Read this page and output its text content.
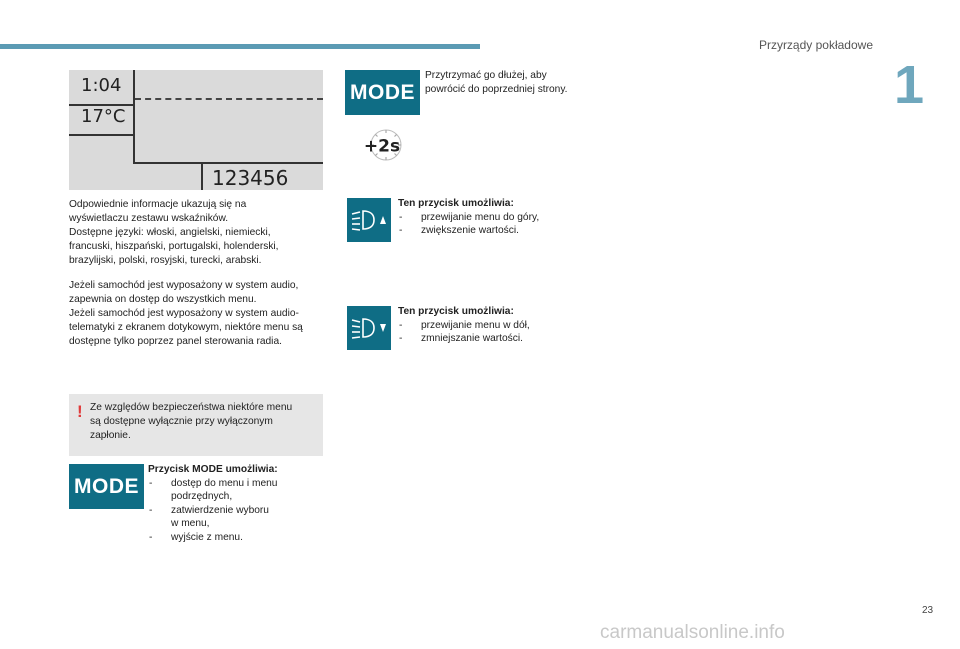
Przyrządy pokładowe
1
1:04
17°C
123456

Odpowiednie informacje ukazują się na

wyświetlaczu zestawu wskaźników.

Dostępne języki: włoski, angielski, niemiecki,

francuski, hiszpański, portugalski, holenderski,

brazylijski, polski, rosyjski, turecki, arabski.

Jeżeli samochód jest wyposażony w system audio,

zapewnia on dostęp do wszystkich menu.

Jeżeli samochód jest wyposażony w system audio-

telematyki z ekranem dotykowym, niektóre menu są

dostępne tylko poprzez panel sterowania radia.

! Ze względów bezpieczeństwa niektóre menu
są dostępne wyłącznie przy wyłączonym
zapłonie.
MODE
Przycisk MODE umożliwia:
- dostęp do menu i menu
podrzędnych,
- zatwierdzenie wyboru
w menu,
- wyjście z menu.
MODE

Przytrzymać go dłużej, aby

powrócić do poprzedniej strony.

+2s
Ten przycisk umożliwia:
- przewijanie menu do góry,
- zwiększenie wartości.
Ten przycisk umożliwia:
- przewijanie menu w dół,
- zmniejszanie wartości.
23
carmanualsonline.info
